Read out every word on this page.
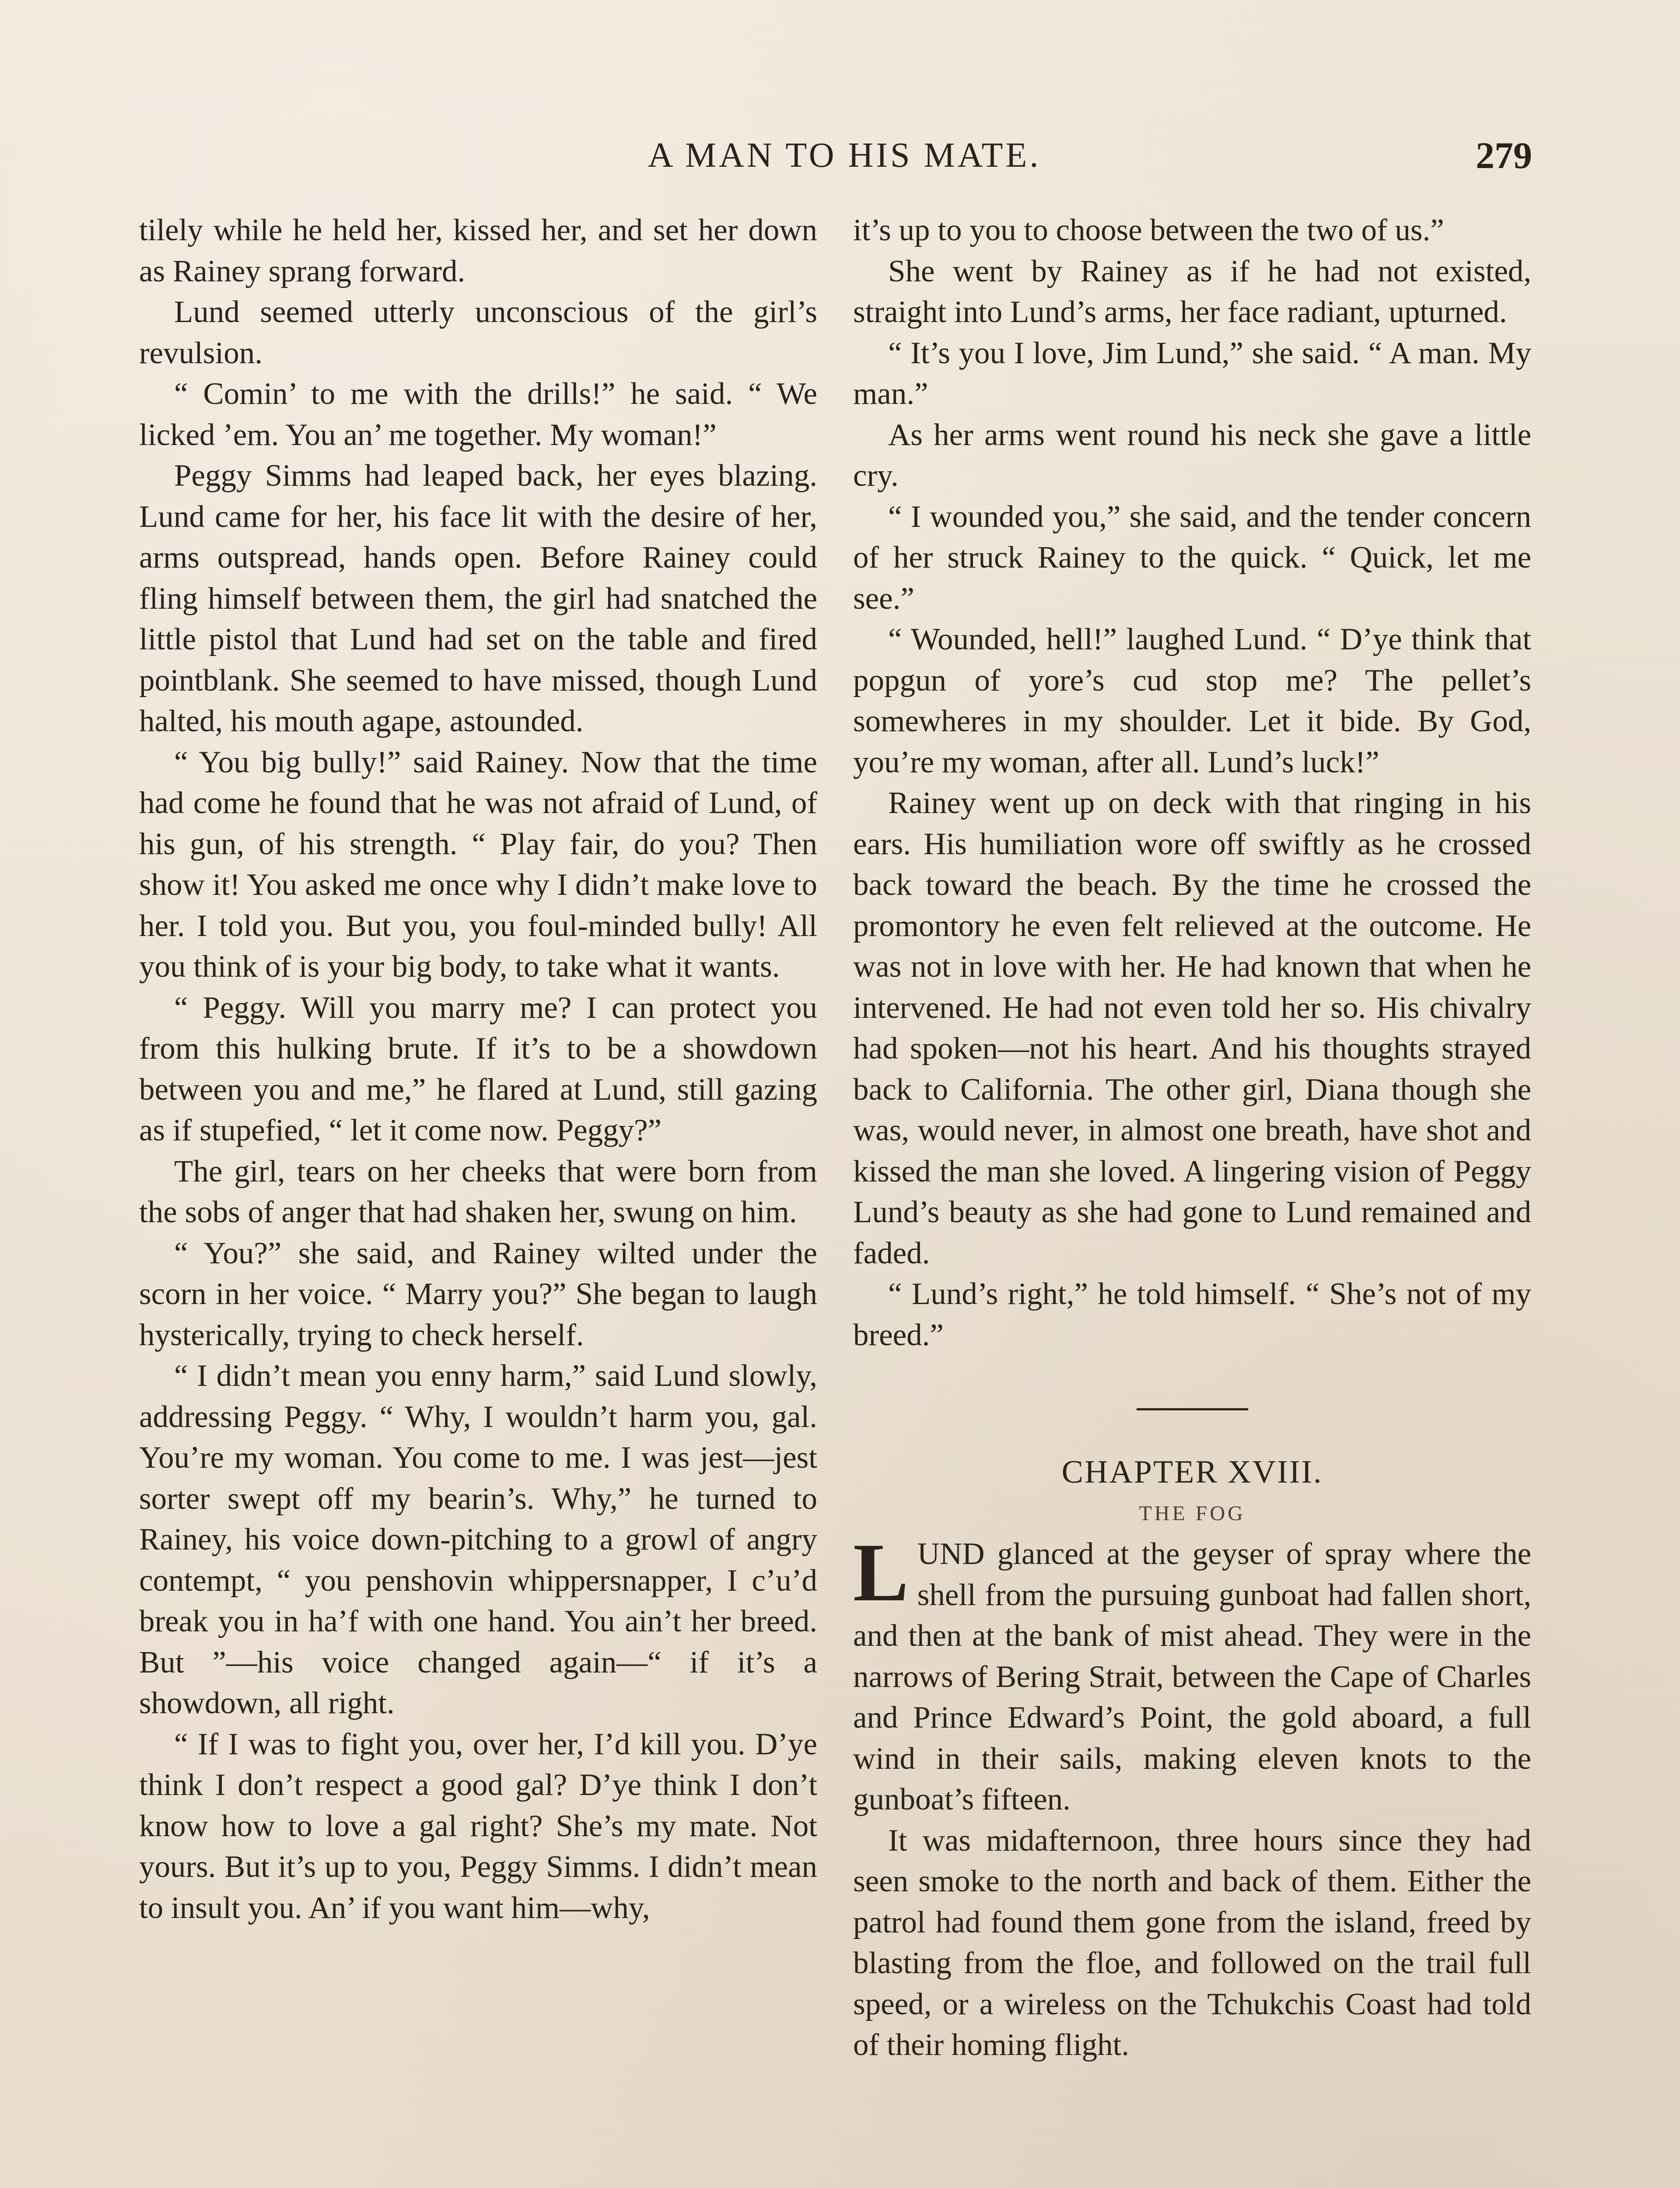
A MAN TO HIS MATE.	279

tilely while he held her, kissed her, and set her down as Rainey sprang forward.

Lund seemed utterly unconscious of the girl’s revulsion.

“ Comin’ to me with the drills!” he said. “ We licked ’em. You an’ me together. My woman!”

Peggy Simms had leaped back, her eyes blazing. Lund came for her, his face lit with the desire of her, arms outspread, hands open. Before Rainey could fling himself between them, the girl had snatched the little pistol that Lund had set on the table and fired pointblank. She seemed to have missed, though Lund halted, his mouth agape, astounded.

“ You big bully!” said Rainey. Now that the time had come he found that he was not afraid of Lund, of his gun, of his strength. “ Play fair, do you? Then show it! You asked me once why I didn’t make love to her. I told you. But you, you foul-minded bully! All you think of is your big body, to take what it wants.

“ Peggy. Will you marry me? I can protect you from this hulking brute. If it’s to be a showdown between you and me,” he flared at Lund, still gazing as if stupefied, “ let it come now. Peggy?”

The girl, tears on her cheeks that were born from the sobs of anger that had shaken her, swung on him.

“ You?” she said, and Rainey wilted under the scorn in her voice. “ Marry you?” She began to laugh hysterically, trying to check herself.

“ I didn’t mean you enny harm,” said Lund slowly, addressing Peggy. “ Why, I wouldn’t harm you, gal. You’re my woman. You come to me. I was jest—jest sorter swept off my bearin’s. Why,” he turned to Rainey, his voice down-pitching to a growl of angry contempt, “ you penshovin whippersnapper, I c’u’d break you in ha’f with one hand. You ain’t her breed. But ”—his voice changed again—“ if it’s a showdown, all right.

“ If I was to fight you, over her, I’d kill you. D’ye think I don’t respect a good gal? D’ye think I don’t know how to love a gal right? She’s my mate. Not yours. But it’s up to you, Peggy Simms. I didn’t mean to insult you. An’ if you want him—why,

it’s up to you to choose between the two of us.”

She went by Rainey as if he had not existed, straight into Lund’s arms, her face radiant, upturned.

“ It’s you I love, Jim Lund,” she said. “ A man. My man.”

As her arms went round his neck she gave a little cry.

“ I wounded you,” she said, and the tender concern of her struck Rainey to the quick. “ Quick, let me see.”

“ Wounded, hell!” laughed Lund. “ D’ye think that popgun of yore’s cud stop me? The pellet’s somewheres in my shoulder. Let it bide. By God, you’re my woman, after all. Lund’s luck!”

Rainey went up on deck with that ringing in his ears. His humiliation wore off swiftly as he crossed back toward the beach. By the time he crossed the promontory he even felt relieved at the outcome. He was not in love with her. He had known that when he intervened. He had not even told her so. His chivalry had spoken—not his heart. And his thoughts strayed back to California. The other girl, Diana though she was, would never, in almost one breath, have shot and kissed the man she loved. A lingering vision of Peggy Lund’s beauty as she had gone to Lund remained and faded.

“ Lund’s right,” he told himself. “ She’s not of my breed.”

CHAPTER XVIII.

THE FOG

LUND glanced at the geyser of spray where the shell from the pursuing gunboat had fallen short, and then at the bank of mist ahead. They were in the narrows of Bering Strait, between the Cape of Charles and Prince Edward’s Point, the gold aboard, a full wind in their sails, making eleven knots to the gunboat’s fifteen.

It was midafternoon, three hours since they had seen smoke to the north and back of them. Either the patrol had found them gone from the island, freed by blasting from the floe, and followed on the trail full speed, or a wireless on the Tchukchis Coast had told of their homing flight.
